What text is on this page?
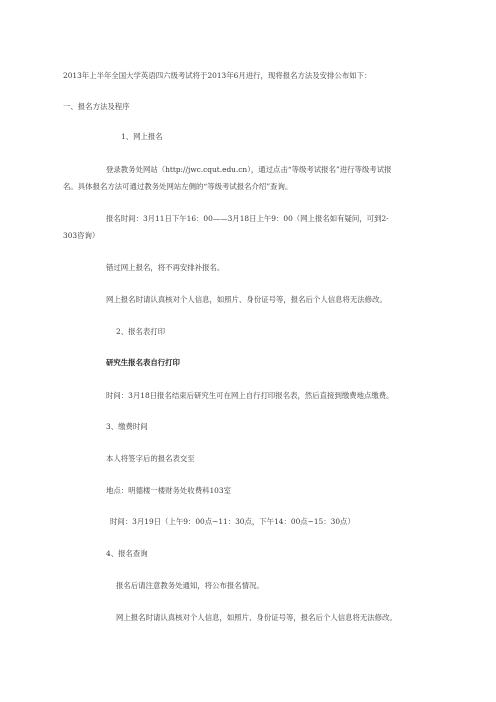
2013年上半年全国大学英语四六级考试将于2013年6月进行，现将报名方法及安排公布如下：
一、报名方法及程序
1、网上报名
登录教务处网站（http://jwc.cqut.edu.cn），通过点击“等级考试报名”进行等级考试报
名。具体报名方法可通过教务处网站左侧的“等级考试报名介绍”查询。
报名时间：3月11日下午16：00——3月18日上午9：00（网上报名如有疑问，可到2-
303咨询）
错过网上报名，将不再安排补报名。
网上报名时请认真核对个人信息，如照片、身份证号等，报名后个人信息将无法修改。
2、报名表打印
研究生报名表自行打印
时间：3月18日报名结束后研究生可在网上自行打印报名表，然后直接到缴费地点缴费。
3、缴费时间
本人将签字后的报名表交至
地点：明德楼一楼财务处收费科103室
时间：3月19日（上午9：00点~11：30点，下午14：00点~15：30点）
4、报名查询
报名后请注意教务处通知，将公布报名情况。
网上报名时请认真核对个人信息，如照片、身份证号等，报名后个人信息将无法修改。
